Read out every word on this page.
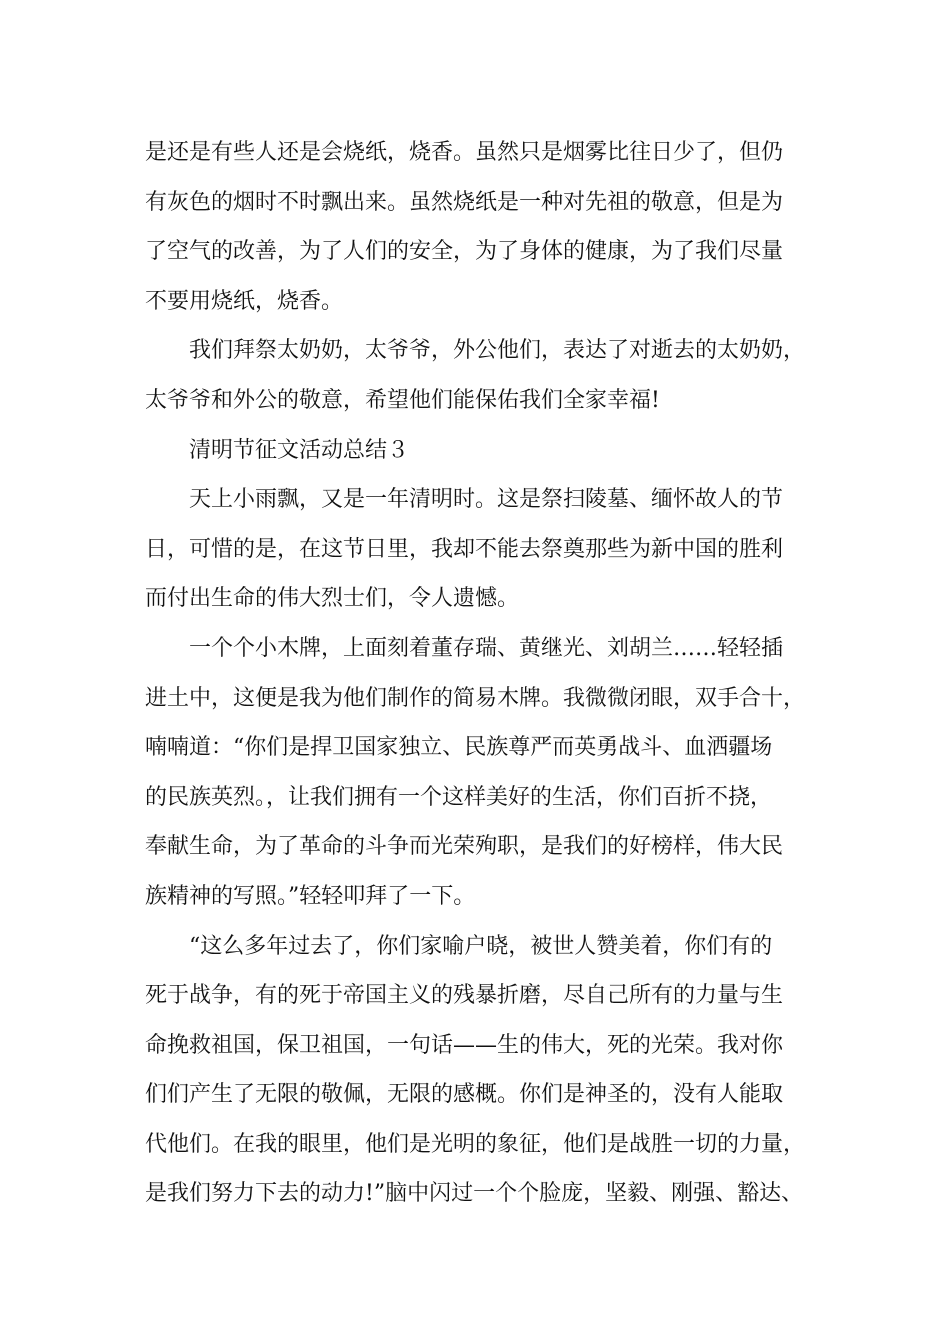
是还是有些人还是会烧纸，烧香。虽然只是烟雾比往日少了，但仍
有灰色的烟时不时飘出来。虽然烧纸是一种对先祖的敬意，但是为
了空气的改善，为了人们的安全，为了身体的健康，为了我们尽量
不要用烧纸，烧香。
我们拜祭太奶奶，太爷爷，外公他们，表达了对逝去的太奶奶，
太爷爷和外公的敬意，希望他们能保佑我们全家幸福!
清明节征文活动总结３
天上小雨飘，又是一年清明时。这是祭扫陵墓、缅怀故人的节
日，可惜的是，在这节日里，我却不能去祭奠那些为新中国的胜利
而付出生命的伟大烈士们，令人遗憾。
一个个小木牌，上面刻着董存瑞、黄继光、刘胡兰……轻轻插
进土中，这便是我为他们制作的简易木牌。我微微闭眼，双手合十，
喃喃道：“你们是捍卫国家独立、民族尊严而英勇战斗、血洒疆场
的民族英烈。，让我们拥有一个这样美好的生活，你们百折不挠，
奉献生命，为了革命的斗争而光荣殉职，是我们的好榜样，伟大民
族精神的写照。”轻轻叩拜了一下。
“这么多年过去了，你们家喻户晓，被世人赞美着，你们有的
死于战争，有的死于帝国主义的残暴折磨，尽自己所有的力量与生
命挽救祖国，保卫祖国，一句话——生的伟大，死的光荣。我对你
们们产生了无限的敬佩，无限的感概。你们是神圣的，没有人能取
代他们。在我的眼里，他们是光明的象征，他们是战胜一切的力量，
是我们努力下去的动力!”脑中闪过一个个脸庞，坚毅、刚强、豁达、
